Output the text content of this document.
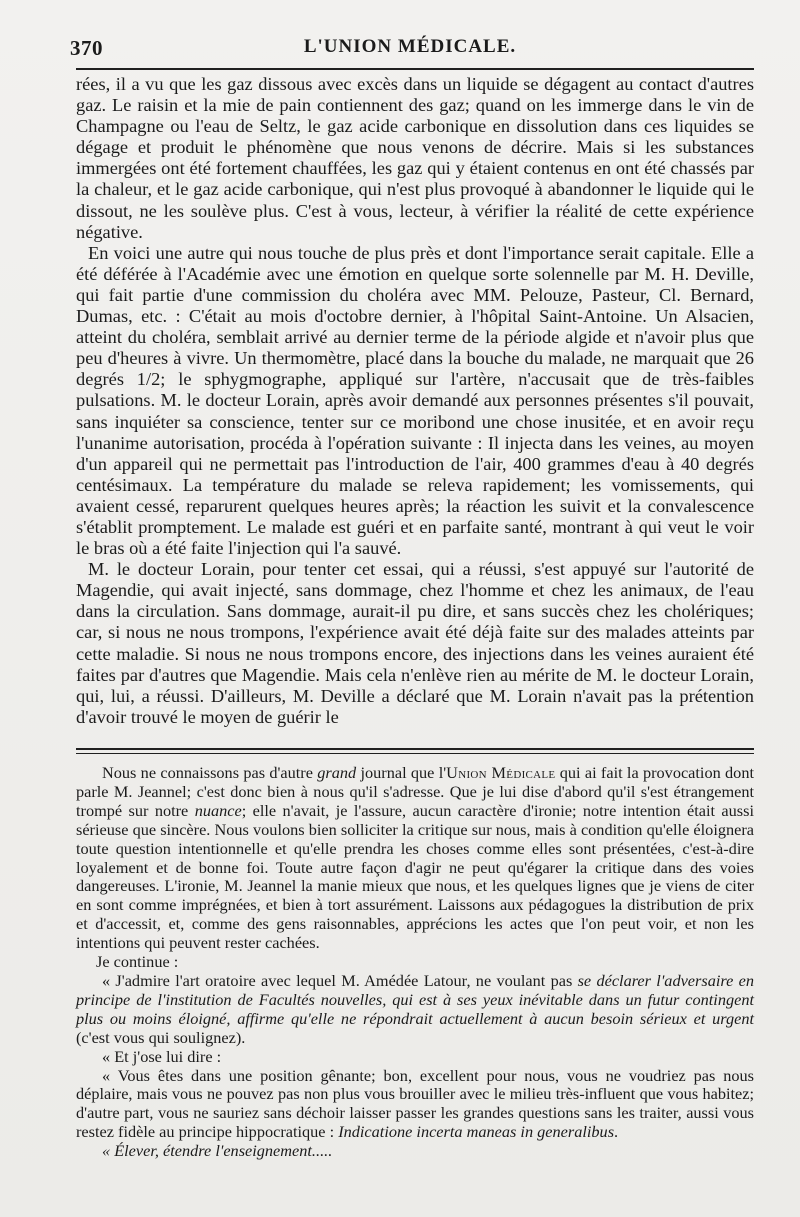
370	L'UNION MÉDICALE.

rées, il a vu que les gaz dissous avec excès dans un liquide se dégagent au contact d'autres gaz. Le raisin et la mie de pain contiennent des gaz; quand on les immerge dans le vin de Champagne ou l'eau de Seltz, le gaz acide carbonique en dissolution dans ces liquides se dégage et produit le phénomène que nous venons de décrire. Mais si les substances immergées ont été fortement chauffées, les gaz qui y étaient contenus en ont été chassés par la chaleur, et le gaz acide carbonique, qui n'est plus provoqué à abandonner le liquide qui le dissout, ne les soulève plus. C'est à vous, lecteur, à vérifier la réalité de cette expérience négative.

En voici une autre qui nous touche de plus près et dont l'importance serait capitale. Elle a été déférée à l'Académie avec une émotion en quelque sorte solennelle par M. H. Deville, qui fait partie d'une commission du choléra avec MM. Pelouze, Pasteur, Cl. Bernard, Dumas, etc. : C'était au mois d'octobre dernier, à l'hôpital Saint-Antoine. Un Alsacien, atteint du choléra, semblait arrivé au dernier terme de la période algide et n'avoir plus que peu d'heures à vivre. Un thermomètre, placé dans la bouche du malade, ne marquait que 26 degrés 1/2; le sphygmographe, appliqué sur l'artère, n'accusait que de très-faibles pulsations. M. le docteur Lorain, après avoir demandé aux personnes présentes s'il pouvait, sans inquiéter sa conscience, tenter sur ce moribond une chose inusitée, et en avoir reçu l'unanime autorisation, procéda à l'opération suivante : Il injecta dans les veines, au moyen d'un appareil qui ne permettait pas l'introduction de l'air, 400 grammes d'eau à 40 degrés centésimaux. La température du malade se releva rapidement; les vomissements, qui avaient cessé, reparurent quelques heures après; la réaction les suivit et la convalescence s'établit promptement. Le malade est guéri et en parfaite santé, montrant à qui veut le voir le bras où a été faite l'injection qui l'a sauvé.

M. le docteur Lorain, pour tenter cet essai, qui a réussi, s'est appuyé sur l'autorité de Magendie, qui avait injecté, sans dommage, chez l'homme et chez les animaux, de l'eau dans la circulation. Sans dommage, aurait-il pu dire, et sans succès chez les cholériques; car, si nous ne nous trompons, l'expérience avait été déjà faite sur des malades atteints par cette maladie. Si nous ne nous trompons encore, des injections dans les veines auraient été faites par d'autres que Magendie. Mais cela n'enlève rien au mérite de M. le docteur Lorain, qui, lui, a réussi. D'ailleurs, M. Deville a déclaré que M. Lorain n'avait pas la prétention d'avoir trouvé le moyen de guérir le

Nous ne connaissons pas d'autre grand journal que l'Union Médicale qui ai fait la provocation dont parle M. Jeannel; c'est donc bien à nous qu'il s'adresse. Que je lui dise d'abord qu'il s'est étrangement trompé sur notre nuance; elle n'avait, je l'assure, aucun caractère d'ironie; notre intention était aussi sérieuse que sincère. Nous voulons bien solliciter la critique sur nous, mais à condition qu'elle éloignera toute question intentionnelle et qu'elle prendra les choses comme elles sont présentées, c'est-à-dire loyalement et de bonne foi. Toute autre façon d'agir ne peut qu'égarer la critique dans des voies dangereuses. L'ironie, M. Jeannel la manie mieux que nous, et les quelques lignes que je viens de citer en sont comme imprégnées, et bien à tort assurément. Laissons aux pédagogues la distribution de prix et d'accessit, et, comme des gens raisonnables, apprécions les actes que l'on peut voir, et non les intentions qui peuvent rester cachées.

Je continue :

« J'admire l'art oratoire avec lequel M. Amédée Latour, ne voulant pas se déclarer l'adversaire en principe de l'institution de Facultés nouvelles, qui est à ses yeux inévitable dans un futur contingent plus ou moins éloigné, affirme qu'elle ne répondrait actuellement à aucun besoin sérieux et urgent (c'est vous qui soulignez).

« Et j'ose lui dire :

« Vous êtes dans une position gênante; bon, excellent pour nous, vous ne voudriez pas nous déplaire, mais vous ne pouvez pas non plus vous brouiller avec le milieu très-influent que vous habitez; d'autre part, vous ne sauriez sans déchoir laisser passer les grandes questions sans les traiter, aussi vous restez fidèle au principe hippocratique : Indicatione incerta maneas in generalibus.

« Élever, étendre l'enseignement.....
